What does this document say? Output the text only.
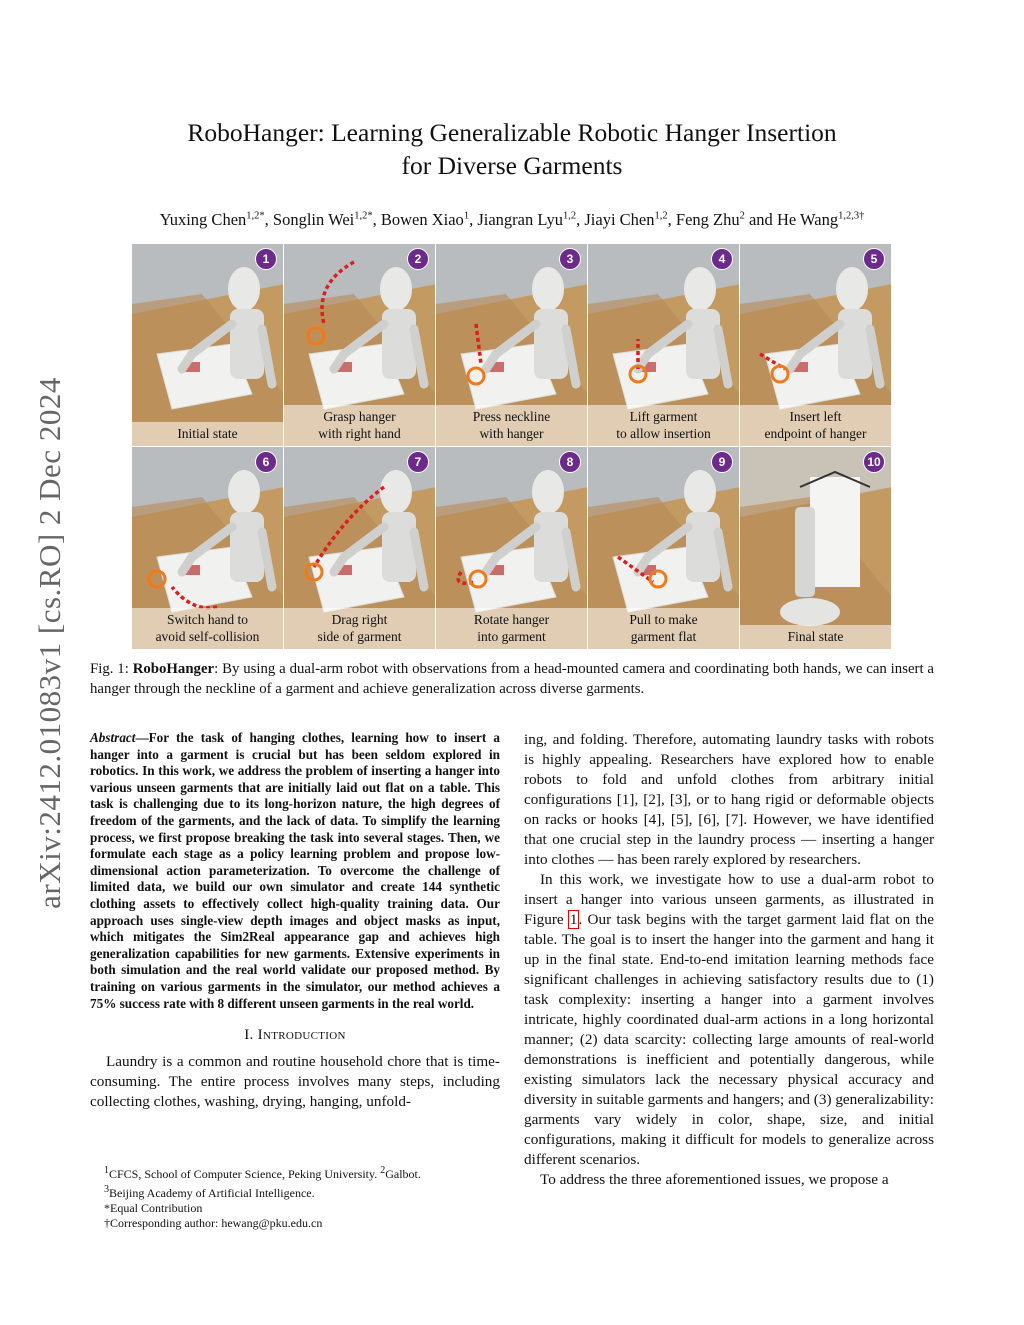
arXiv:2412.01083v1 [cs.RO] 2 Dec 2024
RoboHanger: Learning Generalizable Robotic Hanger Insertion
for Diverse Garments
Yuxing Chen$^{1,2*}$, Songlin Wei$^{1,2*}$, Bowen Xiao$^1$, Jiangran Lyu$^{1,2}$, Jiayi Chen$^{1,2}$, Feng Zhu$^2$ and He Wang$^{1,2,3\dagger}$
1
Initial state
2
Grasp hanger
with right hand
3
Press neckline
with hanger
4
Lift garment
to allow insertion
5
Insert left
endpoint of hanger
6
Switch hand to
avoid self-collision
7
Drag right
side of garment
8
Rotate hanger
into garment
9
Pull to make
garment flat
10
Final state

Fig. 1: RoboHanger: By using a dual-arm robot with observations from a head-mounted camera and coordinating both hands, we can insert a hanger through the neckline of a garment and achieve generalization across diverse garments.

Abstract—For the task of hanging clothes, learning how to insert a hanger into a garment is crucial but has been seldom explored in robotics. In this work, we address the problem of inserting a hanger into various unseen garments that are initially laid out flat on a table. This task is challenging due to its long-horizon nature, the high degrees of freedom of the garments, and the lack of data. To simplify the learning process, we first propose breaking the task into several stages. Then, we formulate each stage as a policy learning problem and propose low-dimensional action parameterization. To overcome the challenge of limited data, we build our own simulator and create 144 synthetic clothing assets to effectively collect high-quality training data. Our approach uses single-view depth images and object masks as input, which mitigates the Sim2Real appearance gap and achieves high generalization capabilities for new garments. Extensive experiments in both simulation and the real world validate our proposed method. By training on various garments in the simulator, our method achieves a 75% success rate with 8 different unseen garments in the real world.

I. Introduction

Laundry is a common and routine household chore that is time-consuming. The entire process involves many steps, including collecting clothes, washing, drying, hanging, unfold-

$^1$CFCS, School of Computer Science, Peking University. $^2$Galbot.
$^3$Beijing Academy of Artificial Intelligence.
*Equal Contribution
†Corresponding author: hewang@pku.edu.cn

ing, and folding. Therefore, automating laundry tasks with robots is highly appealing. Researchers have explored how to enable robots to fold and unfold clothes from arbitrary initial configurations [1], [2], [3], or to hang rigid or deformable objects on racks or hooks [4], [5], [6], [7]. However, we have identified that one crucial step in the laundry process — inserting a hanger into clothes — has been rarely explored by researchers.

In this work, we investigate how to use a dual-arm robot to insert a hanger into various unseen garments, as illustrated in Figure 1. Our task begins with the target garment laid flat on the table. The goal is to insert the hanger into the garment and hang it up in the final state. End-to-end imitation learning methods face significant challenges in achieving satisfactory results due to (1) task complexity: inserting a hanger into a garment involves intricate, highly coordinated dual-arm actions in a long horizontal manner; (2) data scarcity: collecting large amounts of real-world demonstrations is inefficient and potentially dangerous, while existing simulators lack the necessary physical accuracy and diversity in suitable garments and hangers; and (3) generalizability: garments vary widely in color, shape, size, and initial configurations, making it difficult for models to generalize across different scenarios.

To address the three aforementioned issues, we propose a
